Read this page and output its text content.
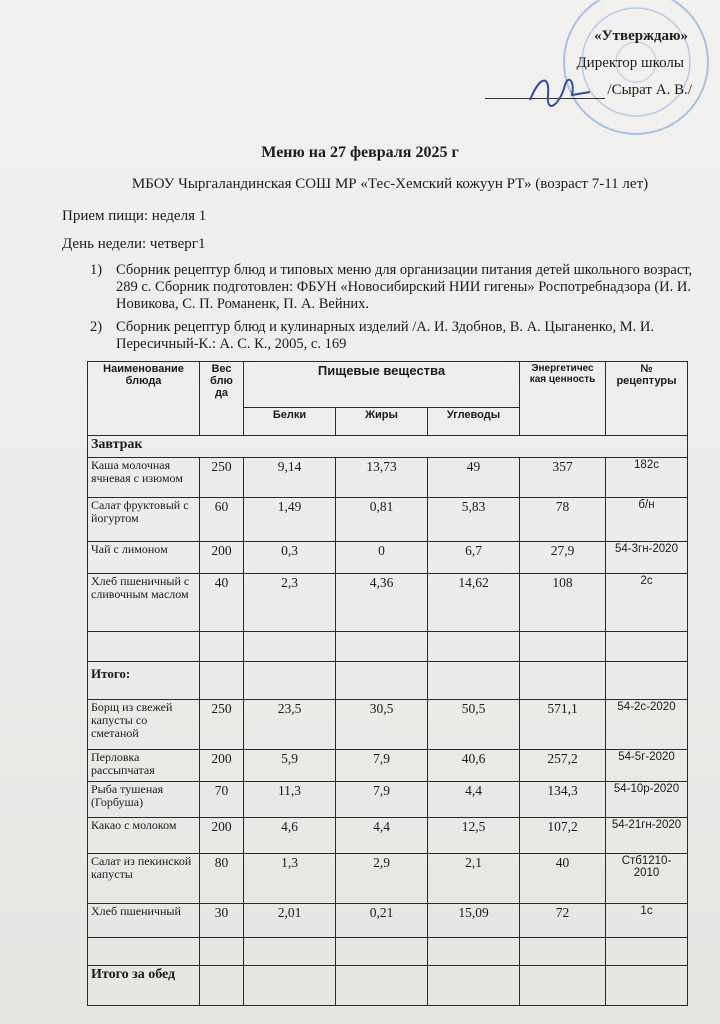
«Утверждаю»
Директор школы
/Сырат А. В./
Меню на 27 февраля 2025 г
МБОУ Чыргаландинская СОШ МР «Тес-Хемский кожуун РТ» (возраст 7-11 лет)
Прием пищи: неделя 1
День недели: четверг1
1) Сборник рецептур блюд и типовых меню для организации питания детей школьного возраст, 289 с. Сборник подготовлен: ФБУН «Новосибирский НИИ гигены» Роспотребнадзора (И. И. Новикова, С. П. Романенк, П. А. Вейних.
2) Сборник рецептур блюд и кулинарных изделий /А. И. Здобнов, В. А. Цыганенко, М. И. Пересичный-К.: А. С. К., 2005, с. 169
Наименование блюда	Вес блю да	Пищевые вещества			Энергетичес кая ценность	№ рецептуры
		Белки	Жиры	Углеводы		
Завтрак						
Каша молочная ячневая с изюмом	250	9,14	13,73	49	357	182с
Салат фруктовый с йогуртом	60	1,49	0,81	5,83	78	б/н
Чай с лимоном	200	0,3	0	6,7	27,9	54-3гн-2020
Хлеб пшеничный с сливочным маслом	40	2,3	4,36	14,62	108	2с

Итого:						
Борщ из свежей капусты со сметаной	250	23,5	30,5	50,5	571,1	54-2с-2020
Перловка рассыпчатая	200	5,9	7,9	40,6	257,2	54-5г-2020
Рыба тушеная (Горбуша)	70	11,3	7,9	4,4	134,3	54-10р-2020
Какао с молоком	200	4,6	4,4	12,5	107,2	54-21гн-2020
Салат из пекинской капусты	80	1,3	2,9	2,1	40	Стб1210-2010
Хлеб пшеничный	30	2,01	0,21	15,09	72	1с

Итого за обед						
